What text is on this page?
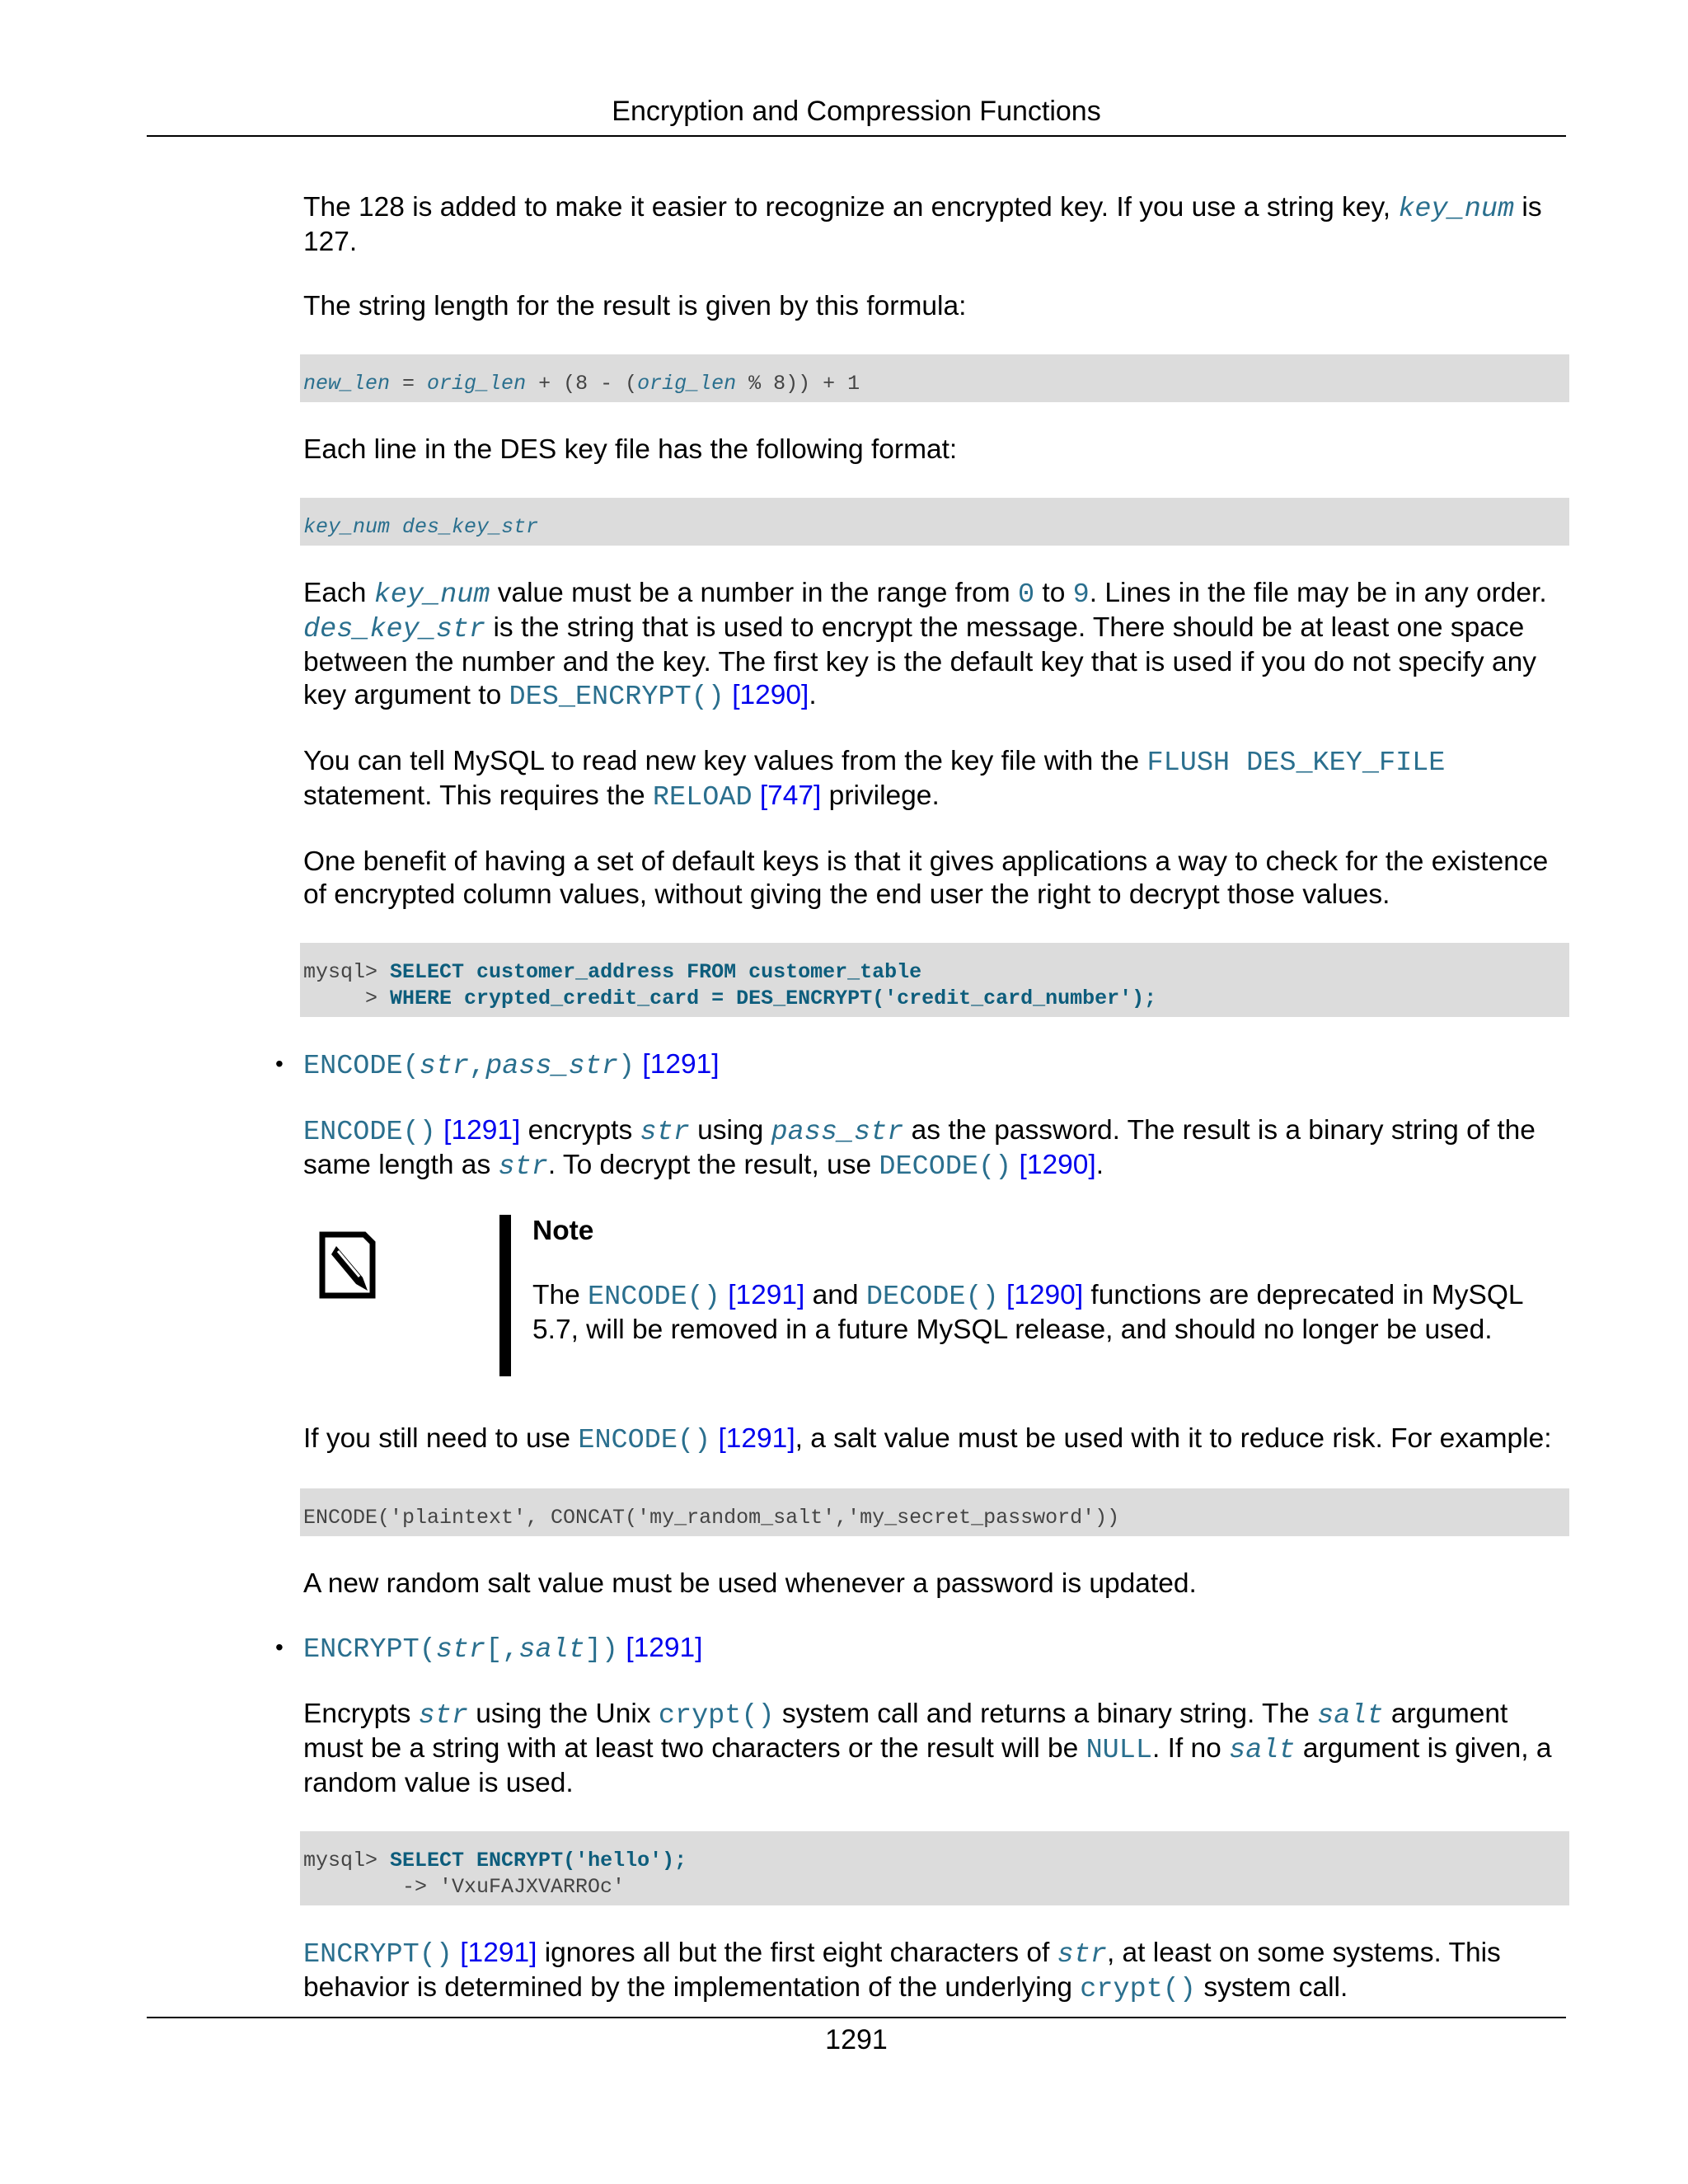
Encryption and Compression Functions

The 128 is added to make it easier to recognize an encrypted key. If you use a string key, key_num is 127.

The string length for the result is given by this formula:

new_len = orig_len + (8 - (orig_len % 8)) + 1

Each line in the DES key file has the following format:

key_num des_key_str

Each key_num value must be a number in the range from 0 to 9. Lines in the file may be in any order. des_key_str is the string that is used to encrypt the message. There should be at least one space between the number and the key. The first key is the default key that is used if you do not specify any key argument to DES_ENCRYPT() [1290].

You can tell MySQL to read new key values from the key file with the FLUSH DES_KEY_FILE statement. This requires the RELOAD [747] privilege.

One benefit of having a set of default keys is that it gives applications a way to check for the existence of encrypted column values, without giving the end user the right to decrypt those values.

mysql> SELECT customer_address FROM customer_table
> WHERE crypted_credit_card = DES_ENCRYPT('credit_card_number');
• ENCODE(str,pass_str) [1291]

ENCODE() [1291] encrypts str using pass_str as the password. The result is a binary string of the same length as str. To decrypt the result, use DECODE() [1290].

Note

The ENCODE() [1291] and DECODE() [1290] functions are deprecated in MySQL 5.7, will be removed in a future MySQL release, and should no longer be used.

If you still need to use ENCODE() [1291], a salt value must be used with it to reduce risk. For example:

ENCODE('plaintext', CONCAT('my_random_salt','my_secret_password'))

A new random salt value must be used whenever a password is updated.

• ENCRYPT(str[,salt]) [1291]

Encrypts str using the Unix crypt() system call and returns a binary string. The salt argument must be a string with at least two characters or the result will be NULL. If no salt argument is given, a random value is used.

mysql> SELECT ENCRYPT('hello');
-> 'VxuFAJXVARROc'

ENCRYPT() [1291] ignores all but the first eight characters of str, at least on some systems. This behavior is determined by the implementation of the underlying crypt() system call.

1291
